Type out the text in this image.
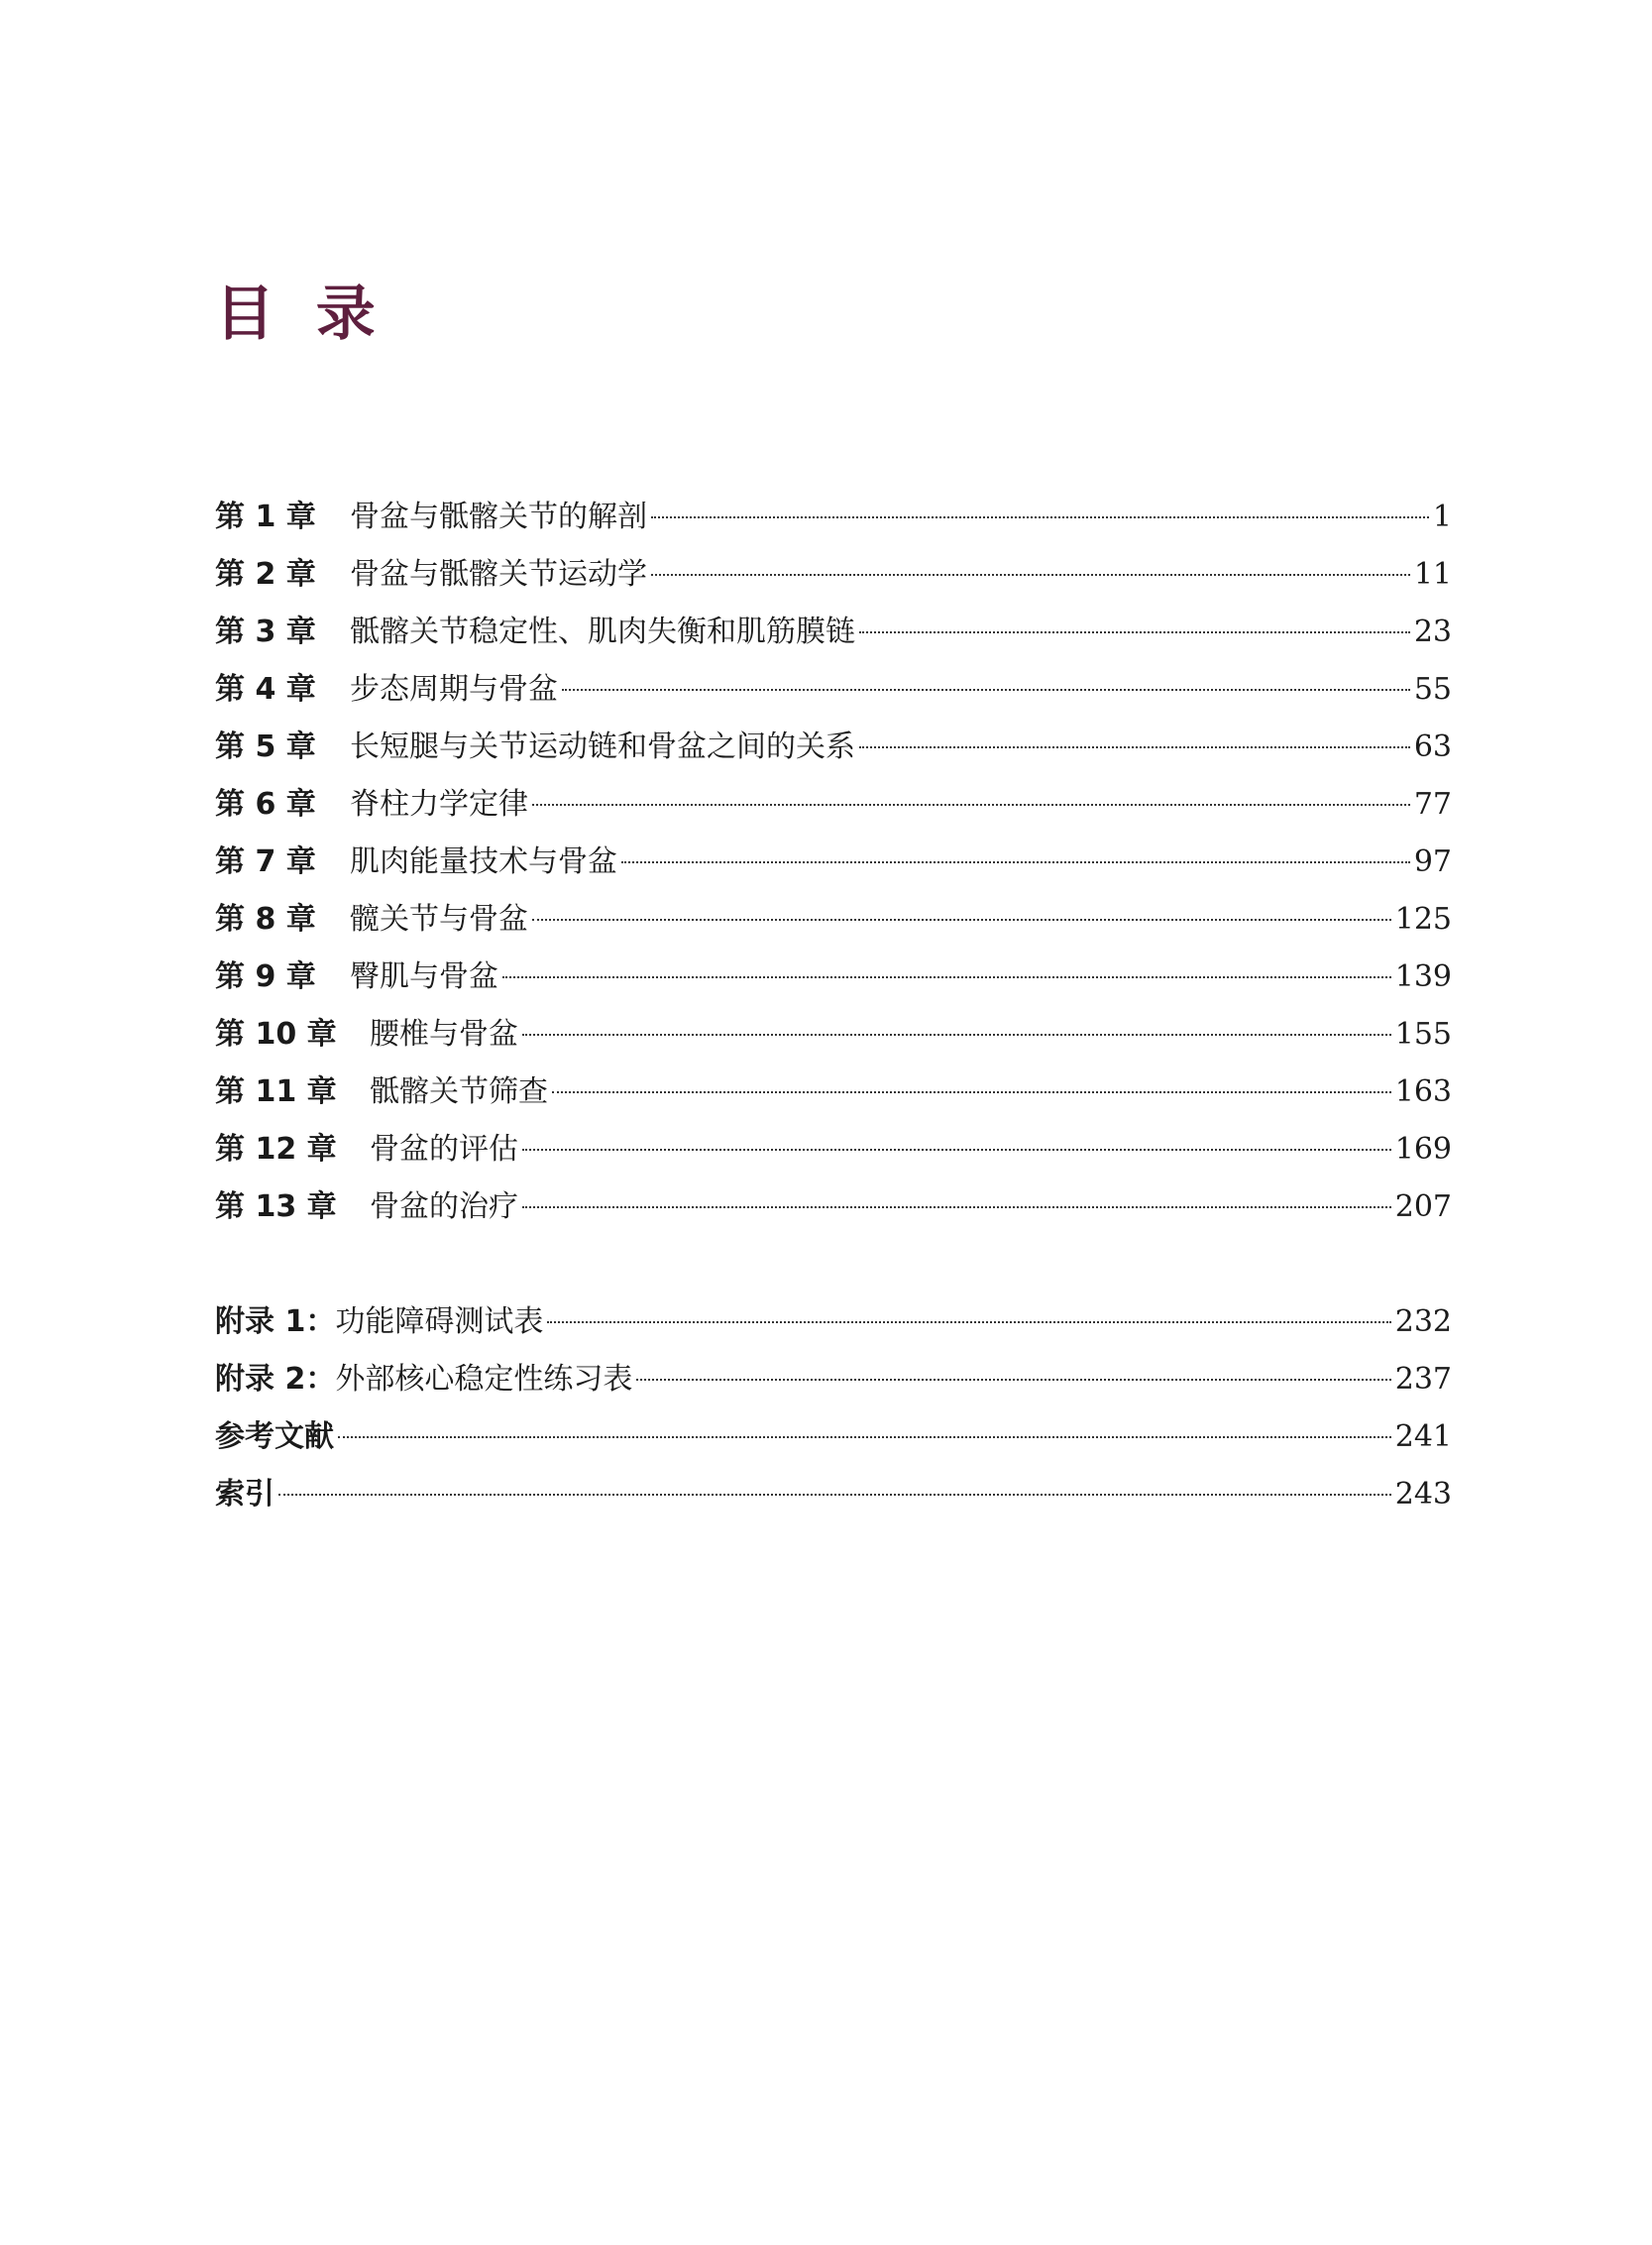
目  录
第 1 章	骨盆与骶髂关节的解剖	1
第 2 章	骨盆与骶髂关节运动学	11
第 3 章	骶髂关节稳定性、肌肉失衡和肌筋膜链	23
第 4 章	步态周期与骨盆	55
第 5 章	长短腿与关节运动链和骨盆之间的关系	63
第 6 章	脊柱力学定律	77
第 7 章	肌肉能量技术与骨盆	97
第 8 章	髋关节与骨盆	125
第 9 章	臀肌与骨盆	139
第 10 章	腰椎与骨盆	155
第 11 章	骶髂关节筛查	163
第 12 章	骨盆的评估	169
第 13 章	骨盆的治疗	207
附录 1： 功能障碍测试表	232
附录 2： 外部核心稳定性练习表	237
参考文献	241
索引	243
